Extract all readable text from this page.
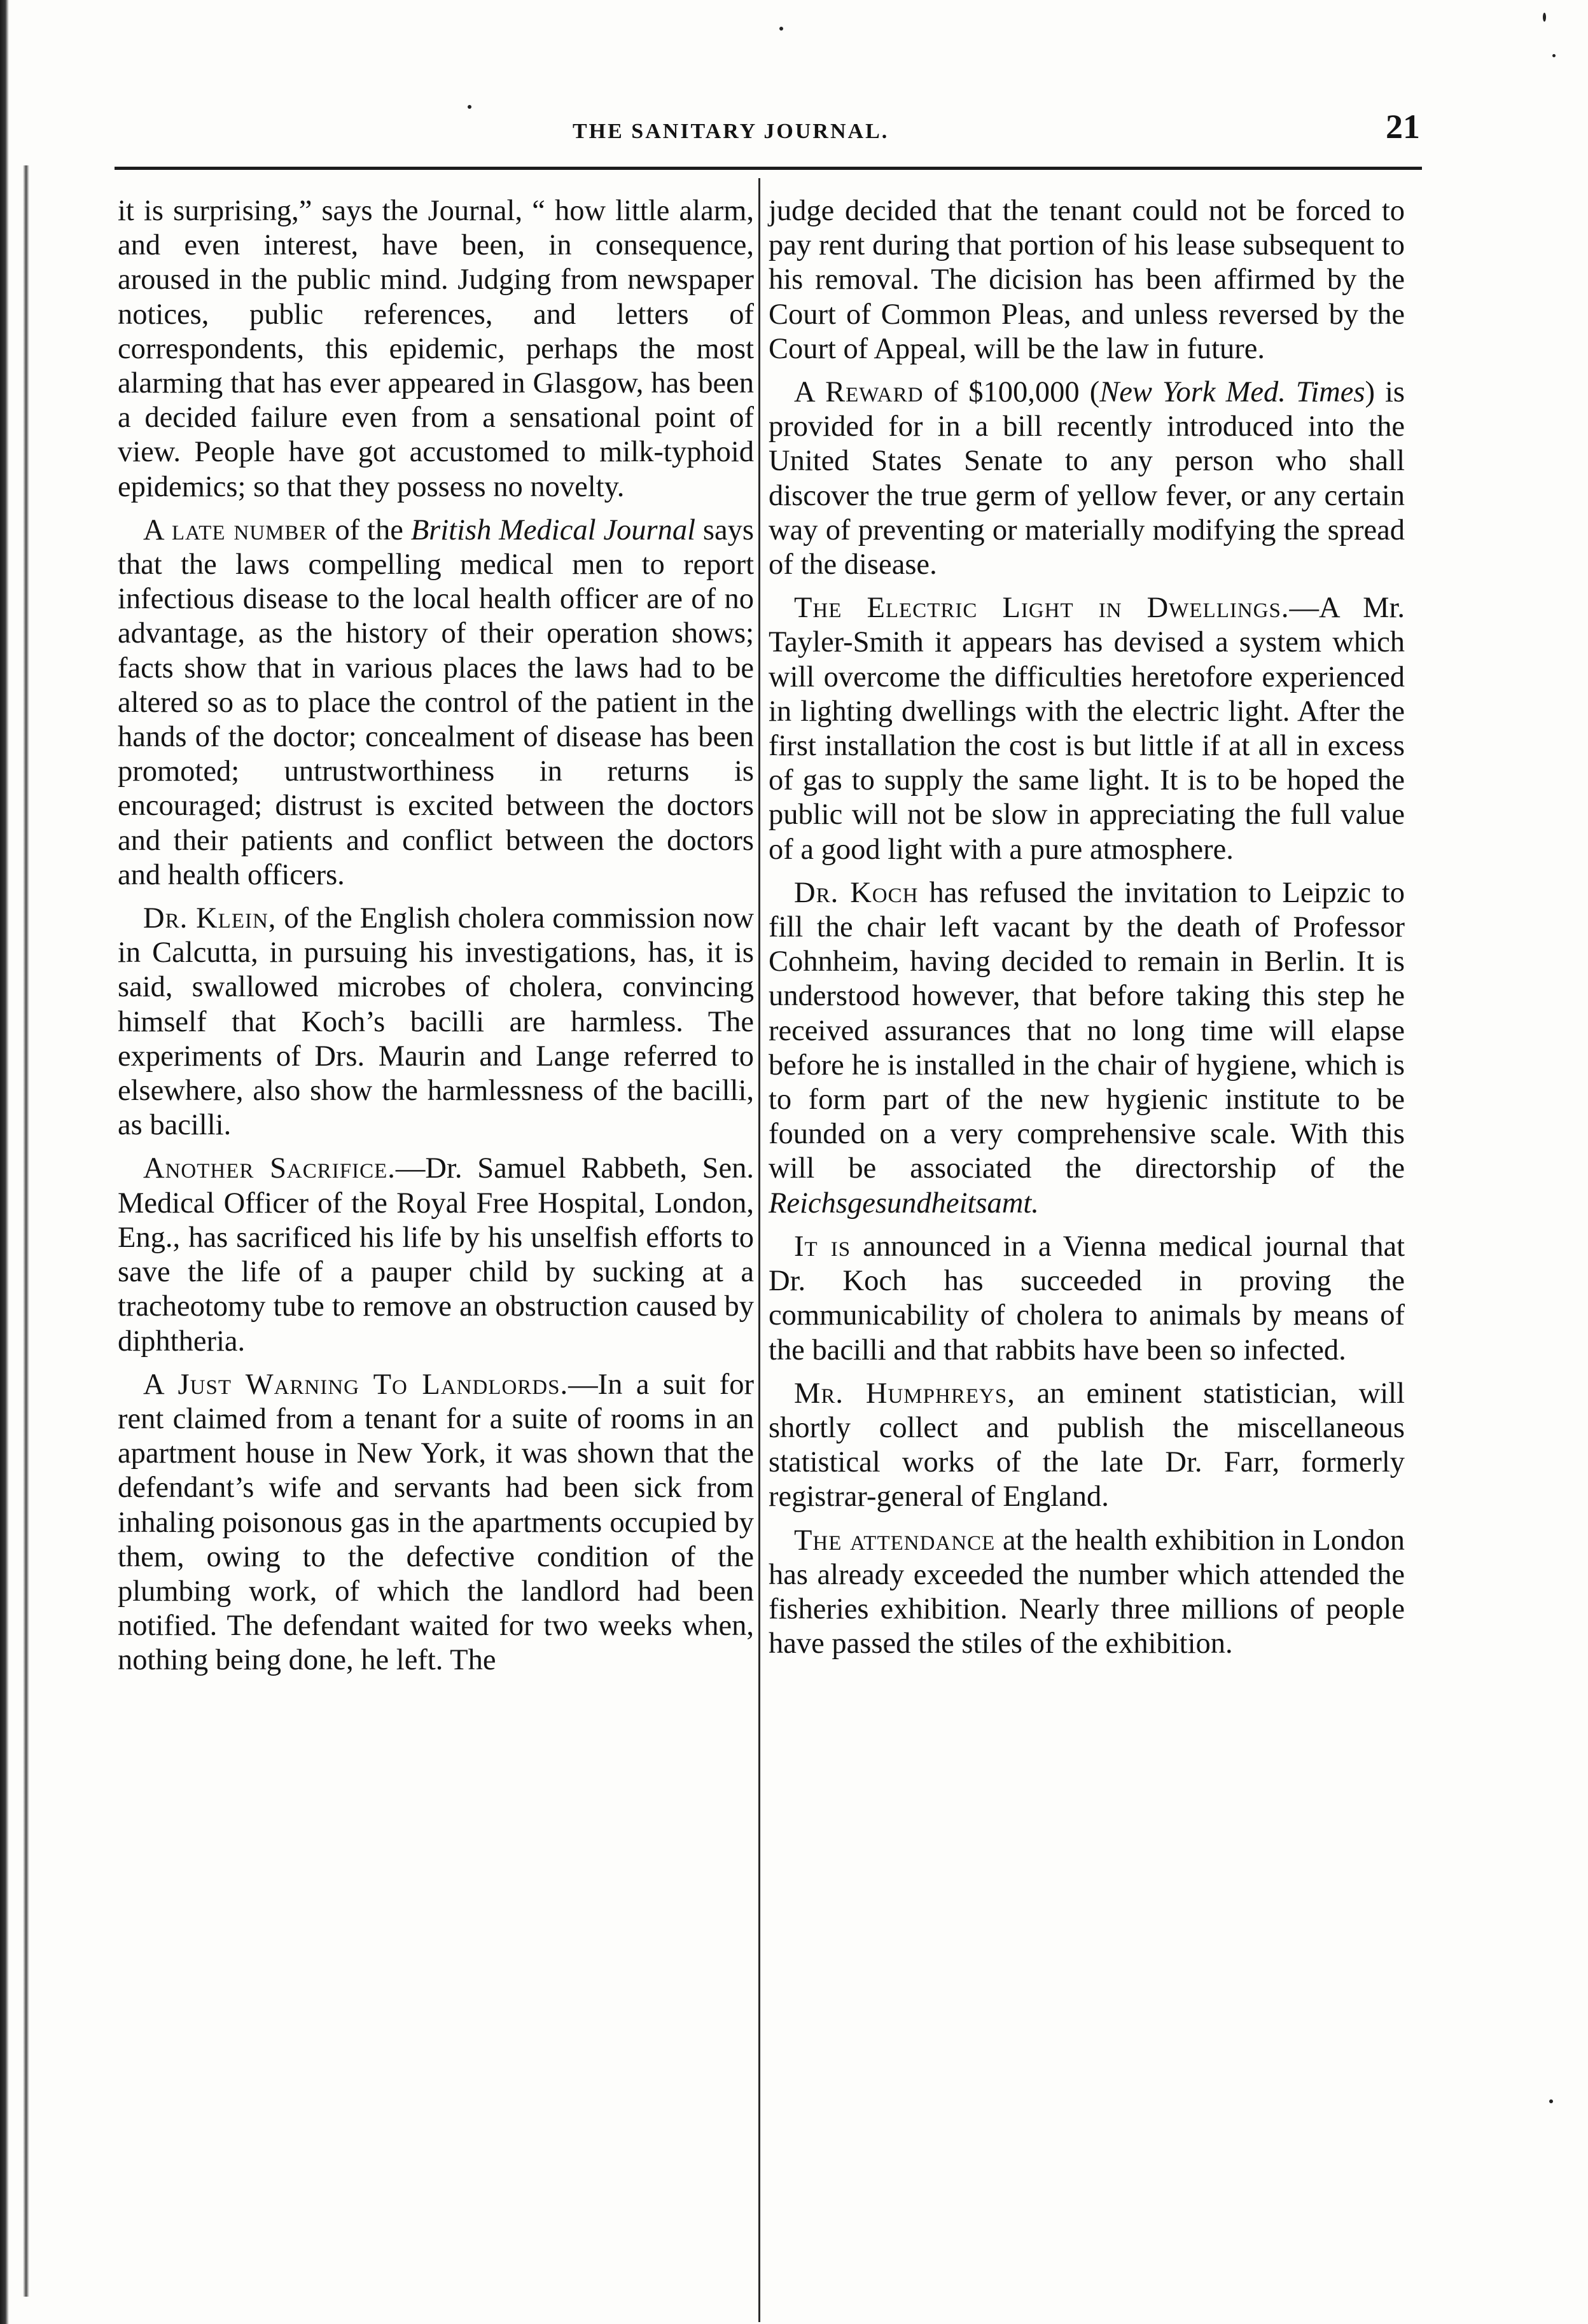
THE SANITARY JOURNAL.	21

it is surprising,” says the Journal, “ how little alarm, and even interest, have been, in consequence, aroused in the public mind. Judging from newspaper notices, public references, and letters of correspondents, this epidemic, perhaps the most alarming that has ever appeared in Glasgow, has been a decided failure even from a sensational point of view. People have got accustomed to milk-typhoid epidemics; so that they possess no novelty.

A late number of the British Medical Journal says that the laws compelling medical men to report infectious disease to the local health officer are of no advantage, as the history of their operation shows; facts show that in various places the laws had to be altered so as to place the control of the patient in the hands of the doctor; concealment of disease has been promoted; untrustworthiness in returns is encouraged; distrust is excited between the doctors and their patients and conflict between the doctors and health officers.

Dr. Klein, of the English cholera commission now in Calcutta, in pursuing his investigations, has, it is said, swallowed microbes of cholera, convincing himself that Koch’s bacilli are harmless. The experiments of Drs. Maurin and Lange referred to elsewhere, also show the harmlessness of the bacilli, as bacilli.

Another Sacrifice.—Dr. Samuel Rabbeth, Sen. Medical Officer of the Royal Free Hospital, London, Eng., has sacrificed his life by his unselfish efforts to save the life of a pauper child by sucking at a tracheotomy tube to remove an obstruction caused by diphtheria.

A Just Warning To Landlords.—In a suit for rent claimed from a tenant for a suite of rooms in an apartment house in New York, it was shown that the defendant’s wife and servants had been sick from inhaling poisonous gas in the apartments occupied by them, owing to the defective condition of the plumbing work, of which the landlord had been notified. The defendant waited for two weeks when, nothing being done, he left. The

judge decided that the tenant could not be forced to pay rent during that portion of his lease subsequent to his removal. The dicision has been affirmed by the Court of Common Pleas, and unless reversed by the Court of Appeal, will be the law in future.

A Reward of $100,000 (New York Med. Times) is provided for in a bill recently introduced into the United States Senate to any person who shall discover the true germ of yellow fever, or any certain way of preventing or materially modifying the spread of the disease.

The Electric Light in Dwellings.—A Mr. Tayler-Smith it appears has devised a system which will overcome the difficulties heretofore experienced in lighting dwellings with the electric light. After the first installation the cost is but little if at all in excess of gas to supply the same light. It is to be hoped the public will not be slow in appreciating the full value of a good light with a pure atmosphere.

Dr. Koch has refused the invitation to Leipzic to fill the chair left vacant by the death of Professor Cohnheim, having decided to remain in Berlin. It is understood however, that before taking this step he received assurances that no long time will elapse before he is installed in the chair of hygiene, which is to form part of the new hygienic institute to be founded on a very comprehensive scale. With this will be associated the directorship of the Reichsgesundheitsamt.

It is announced in a Vienna medical journal that Dr. Koch has succeeded in proving the communicability of cholera to animals by means of the bacilli and that rabbits have been so infected.

Mr. Humphreys, an eminent statistician, will shortly collect and publish the miscellaneous statistical works of the late Dr. Farr, formerly registrar-general of England.

The attendance at the health exhibition in London has already exceeded the number which attended the fisheries exhibition. Nearly three millions of people have passed the stiles of the exhibition.
